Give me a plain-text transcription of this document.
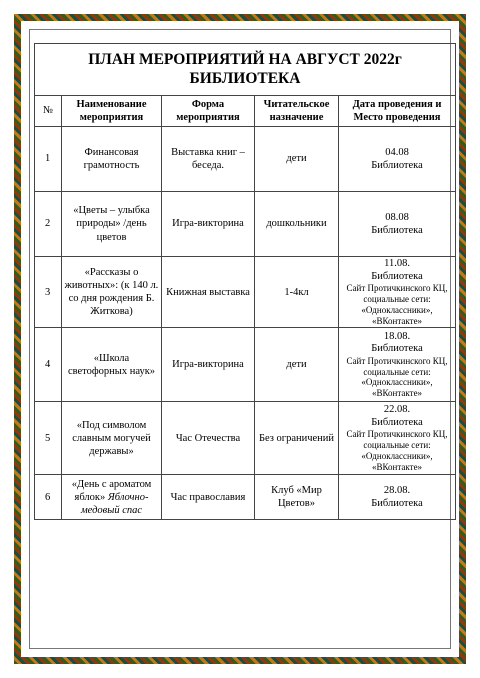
ПЛАН МЕРОПРИЯТИЙ НА АВГУСТ 2022г
БИБЛИОТЕКА				
№	Наименование мероприятия	Форма мероприятия	Читательское назначение	Дата проведения и Место проведения
1	Финансовая грамотность	Выставка книг – беседа.	дети	04.08
Библиотека
2	«Цветы – улыбка природы» /день цветов	Игра-викторина	дошкольники	08.08
Библиотека
3	«Рассказы о животных»: (к 140 л. со дня рождения Б. Житкова)	Книжная выставка	1-4кл	11.08.
Библиотека
Сайт Протичкинского КЦ, социальные сети: «Одноклассники», «ВКонтакте»
4	«Школа светофорных наук»	Игра-викторина	дети	18.08.
Библиотека
Сайт Протичкинского КЦ, социальные сети: «Одноклассники», «ВКонтакте»
5	«Под символом славным могучей державы»	Час Отечества	Без ограничений	22.08.
Библиотека
Сайт Протичкинского КЦ, социальные сети: «Одноклассники», «ВКонтакте»
6	«День с ароматом яблок» Яблочно-медовый спас	Час православия	Клуб «Мир Цветов»	28.08.
Библиотека
